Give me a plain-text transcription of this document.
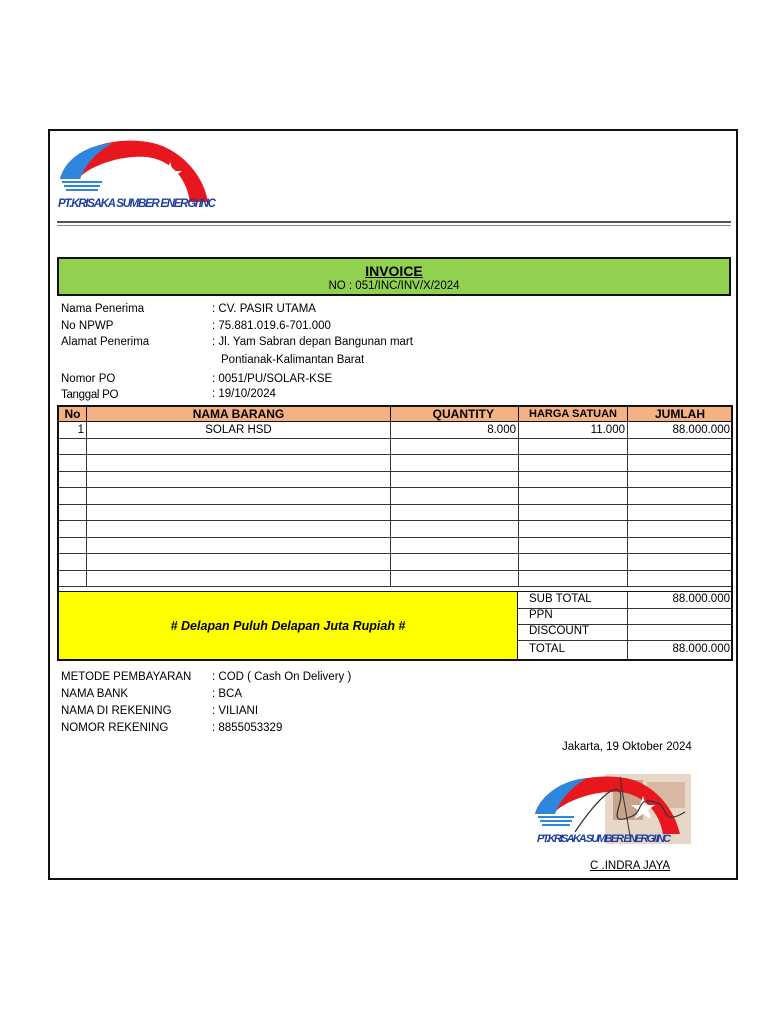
PT.KRISAKA SUMBER ENERGI INC
INVOICE
NO : 051/INC/INV/X/2024
Nama Penerima	: CV. PASIR UTAMA
No NPWP	: 75.881.019.6-701.000
Alamat Penerima	: Jl. Yam Sabran depan Bangunan mart
Pontianak-Kalimantan Barat
Nomor PO	: 0051/PU/SOLAR-KSE
Tanggal PO	: 19/10/2024
No	NAMA BARANG	QUANTITY	HARGA SATUAN	JUMLAH
1	SOLAR HSD	8.000	11.000	88.000.000

# Delapan Puluh Delapan Juta Rupiah #
SUB TOTAL	88.000.000
PPN
DISCOUNT
TOTAL	88.000.000
METODE PEMBAYARAN : COD ( Cash On Delivery )
NAMA BANK	: BCA
NAMA DI REKENING	: VILIANI
NOMOR REKENING	: 8855053329
Jakarta, 19 Oktober 2024
PT.KRISAKA SUMBER ENERGI INC
C .INDRA JAYA
